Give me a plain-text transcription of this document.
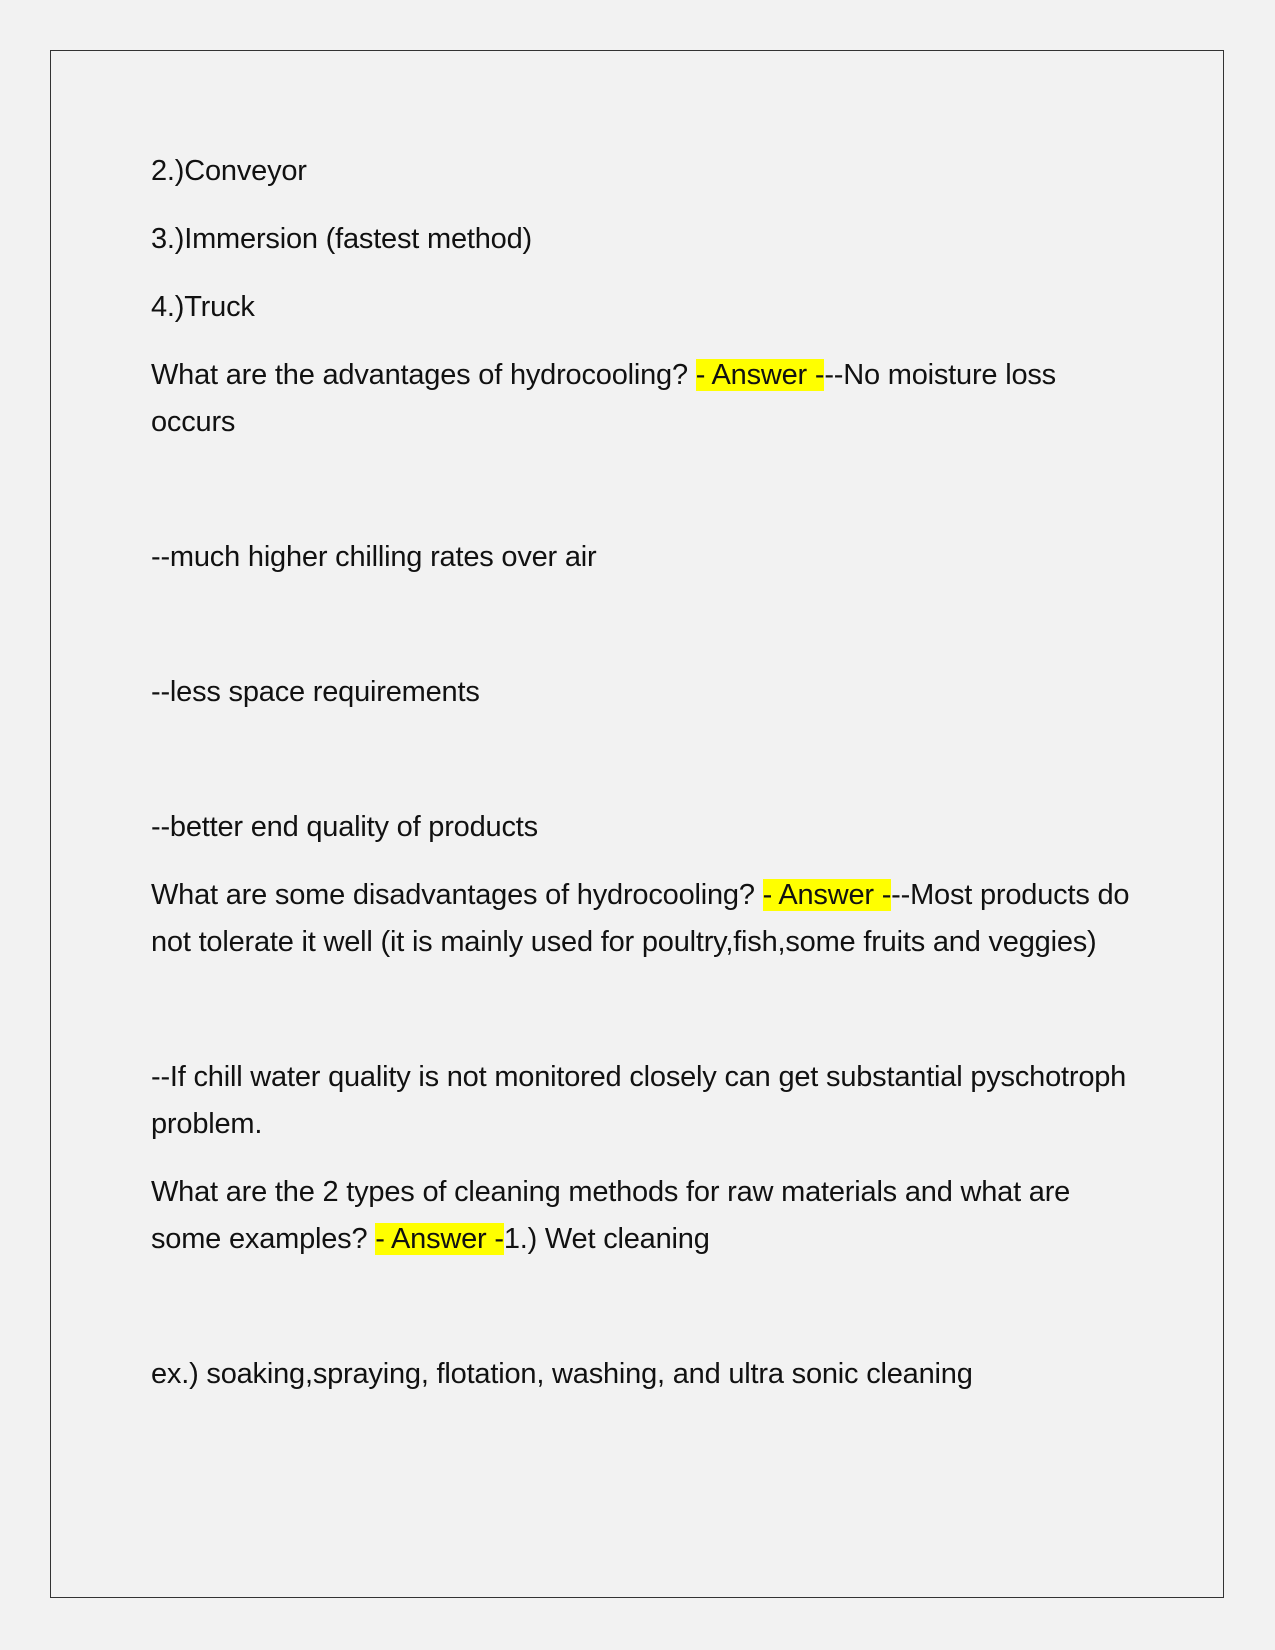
2.)Conveyor

3.)Immersion (fastest method)

4.)Truck

What are the advantages of hydrocooling? - Answer ---No moisture loss occurs

--much higher chilling rates over air

--less space requirements

--better end quality of products

What are some disadvantages of hydrocooling? - Answer ---Most products do not tolerate it well (it is mainly used for poultry,fish,some fruits and veggies)

--If chill water quality is not monitored closely can get substantial pyschotroph problem.

What are the 2 types of cleaning methods for raw materials and what are some examples? - Answer -1.) Wet cleaning

ex.) soaking,spraying, flotation, washing, and ultra sonic cleaning
